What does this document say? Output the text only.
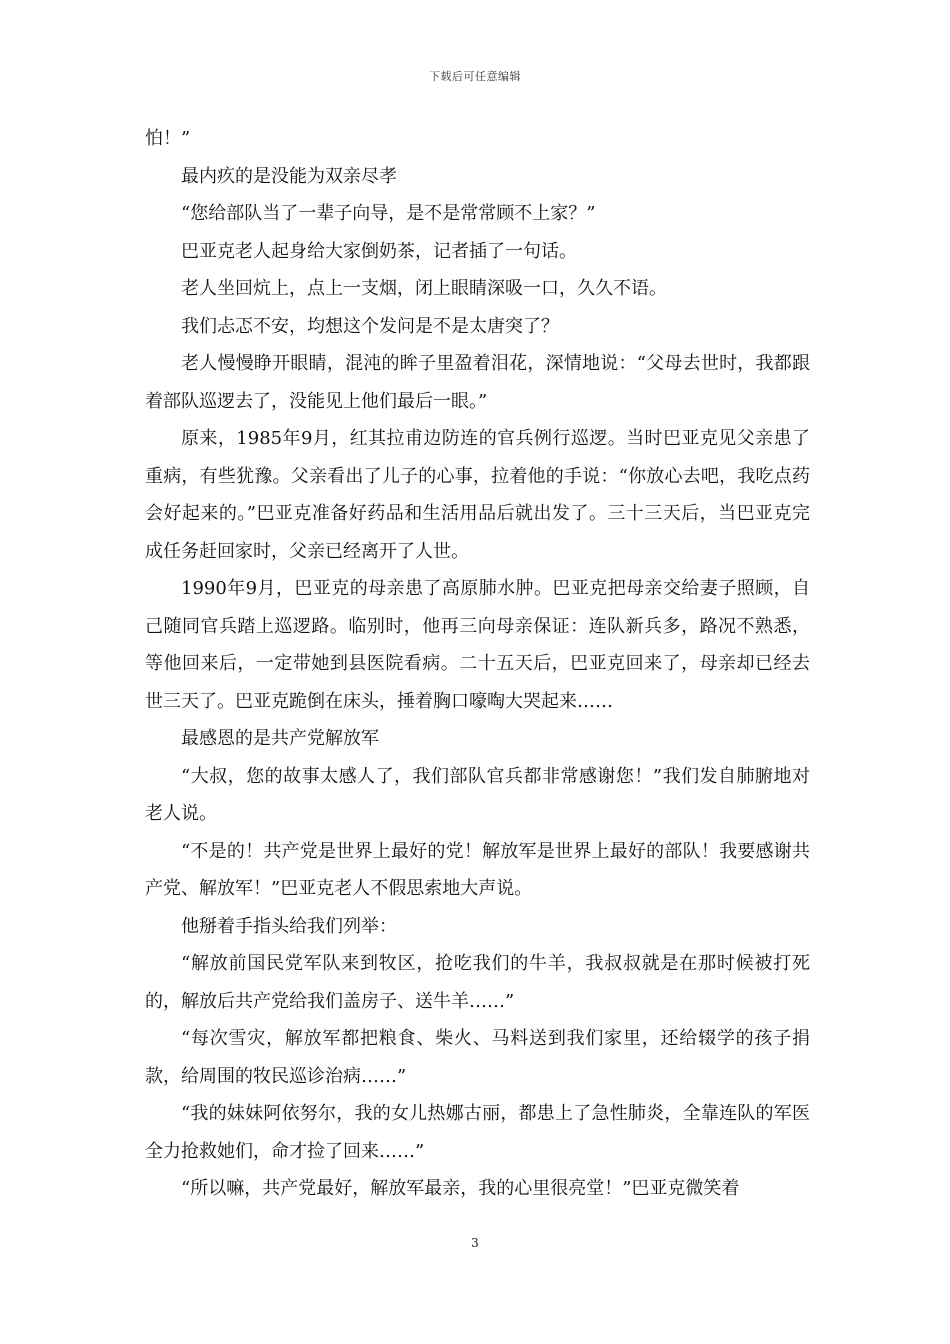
下载后可任意编辑

怕！”

最内疚的是没能为双亲尽孝

“您给部队当了一辈子向导，是不是常常顾不上家？”

巴亚克老人起身给大家倒奶茶，记者插了一句话。

老人坐回炕上，点上一支烟，闭上眼睛深吸一口，久久不语。

我们忐忑不安，均想这个发问是不是太唐突了？

老人慢慢睁开眼睛，混沌的眸子里盈着泪花，深情地说：“父母去世时，我都跟着部队巡逻去了，没能见上他们最后一眼。”

原来，1985年9月，红其拉甫边防连的官兵例行巡逻。当时巴亚克见父亲患了重病，有些犹豫。父亲看出了儿子的心事，拉着他的手说：“你放心去吧，我吃点药会好起来的。”巴亚克准备好药品和生活用品后就出发了。三十三天后，当巴亚克完成任务赶回家时，父亲已经离开了人世。

1990年9月，巴亚克的母亲患了高原肺水肿。巴亚克把母亲交给妻子照顾，自己随同官兵踏上巡逻路。临别时，他再三向母亲保证：连队新兵多，路况不熟悉，等他回来后，一定带她到县医院看病。二十五天后，巴亚克回来了，母亲却已经去世三天了。巴亚克跪倒在床头，捶着胸口嚎啕大哭起来……

最感恩的是共产党解放军

“大叔，您的故事太感人了，我们部队官兵都非常感谢您！”我们发自肺腑地对老人说。

“不是的！共产党是世界上最好的党！解放军是世界上最好的部队！我要感谢共产党、解放军！”巴亚克老人不假思索地大声说。

他掰着手指头给我们列举：

“解放前国民党军队来到牧区，抢吃我们的牛羊，我叔叔就是在那时候被打死的，解放后共产党给我们盖房子、送牛羊……”

“每次雪灾，解放军都把粮食、柴火、马料送到我们家里，还给辍学的孩子捐款，给周围的牧民巡诊治病……”

“我的妹妹阿依努尔，我的女儿热娜古丽，都患上了急性肺炎，全靠连队的军医全力抢救她们，命才捡了回来……”

“所以嘛，共产党最好，解放军最亲，我的心里很亮堂！”巴亚克微笑着

3
